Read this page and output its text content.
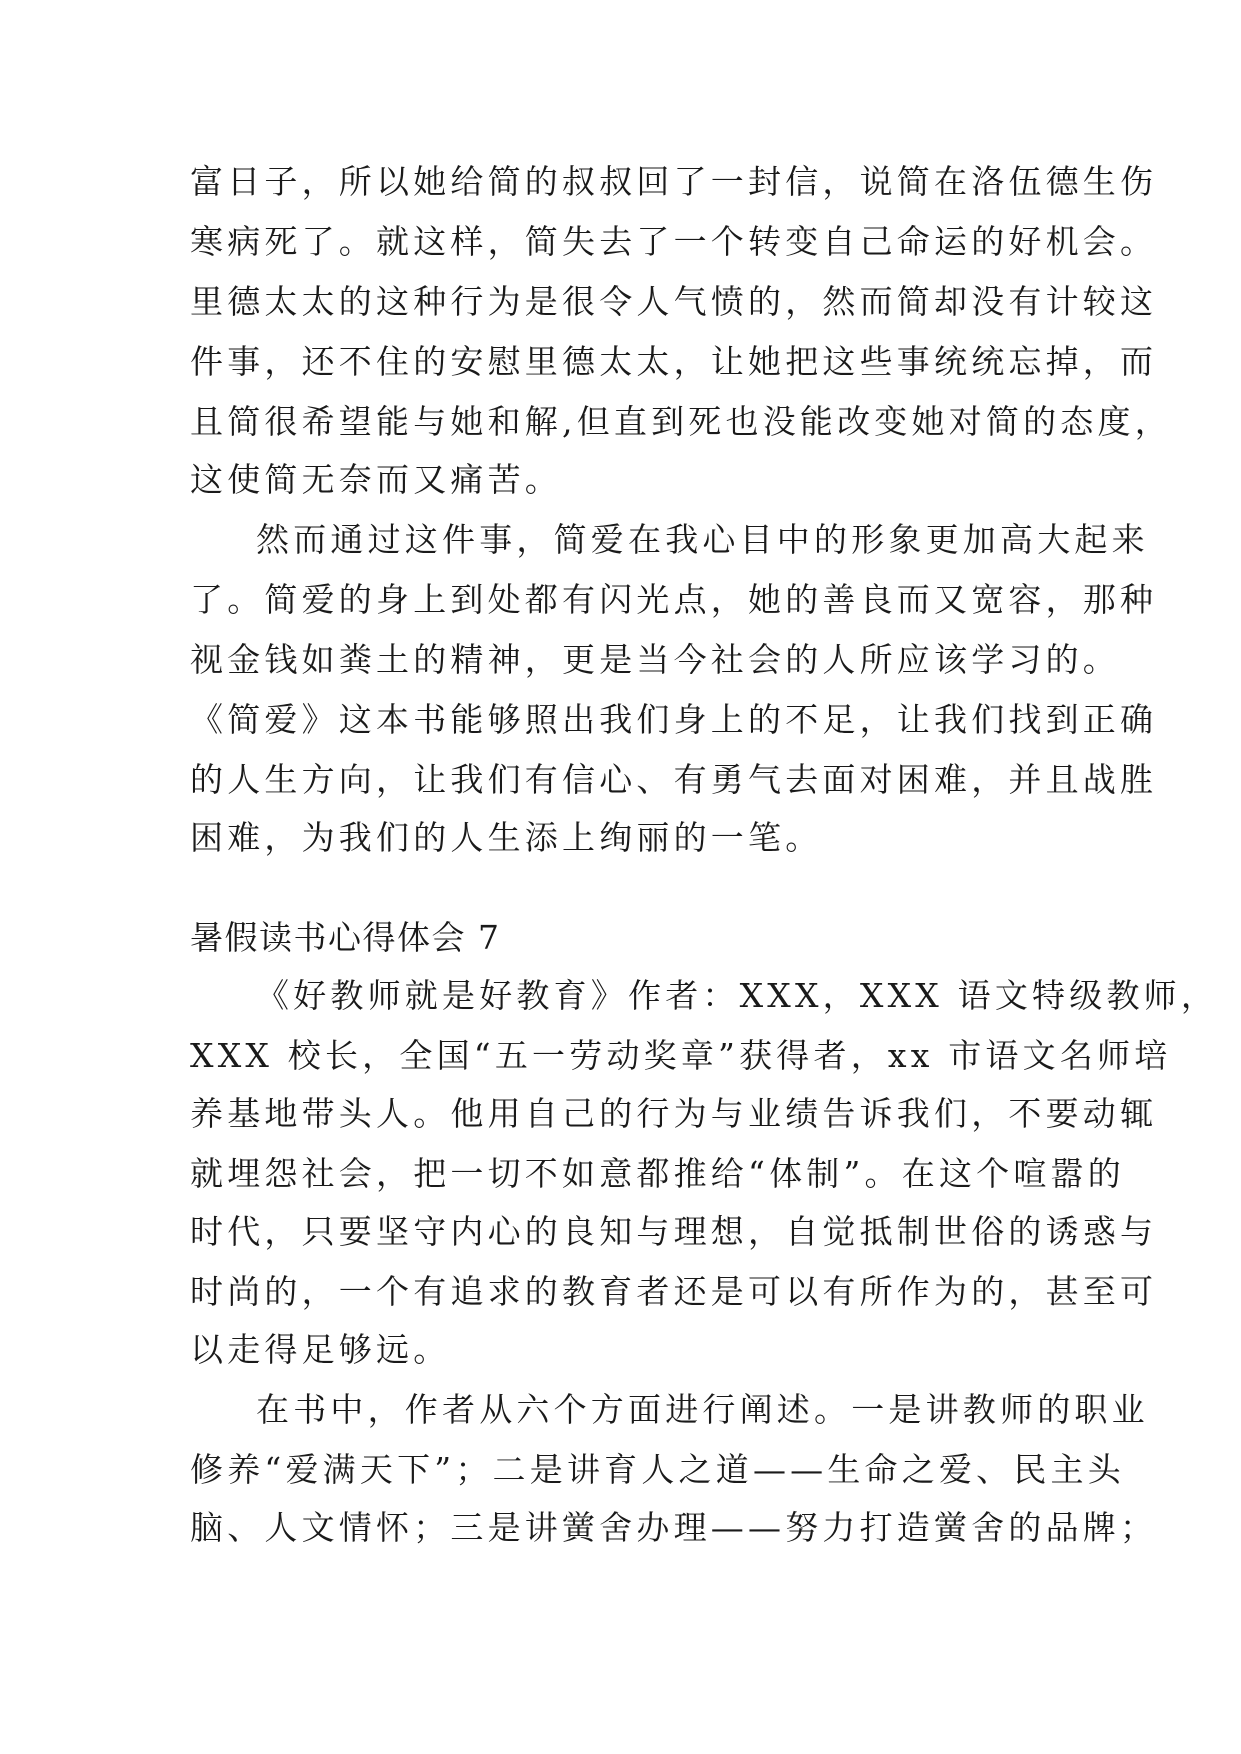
富日子，所以她给简的叔叔回了一封信，说简在洛伍德生伤
寒病死了。就这样，简失去了一个转变自己命运的好机会。
里德太太的这种行为是很令人气愤的，然而简却没有计较这
件事，还不住的安慰里德太太，让她把这些事统统忘掉，而
且简很希望能与她和解,但直到死也没能改变她对简的态度，
这使简无奈而又痛苦。
然而通过这件事，简爱在我心目中的形象更加高大起来
了。简爱的身上到处都有闪光点，她的善良而又宽容，那种
视金钱如粪土的精神，更是当今社会的人所应该学习的。
《简爱》这本书能够照出我们身上的不足，让我们找到正确
的人生方向，让我们有信心、有勇气去面对困难，并且战胜
困难，为我们的人生添上绚丽的一笔。
暑假读书心得体会 7
《好教师就是好教育》作者：XXX，XXX 语文特级教师，
XXX 校长，全国“五一劳动奖章”获得者，xx 市语文名师培
养基地带头人。他用自己的行为与业绩告诉我们，不要动辄
就埋怨社会，把一切不如意都推给“体制”。在这个喧嚣的
时代，只要坚守内心的良知与理想，自觉抵制世俗的诱惑与
时尚的，一个有追求的教育者还是可以有所作为的，甚至可
以走得足够远。
在书中，作者从六个方面进行阐述。一是讲教师的职业
修养“爱满天下”；二是讲育人之道——生命之爱、民主头
脑、人文情怀；三是讲黉舍办理——努力打造黉舍的品牌；
